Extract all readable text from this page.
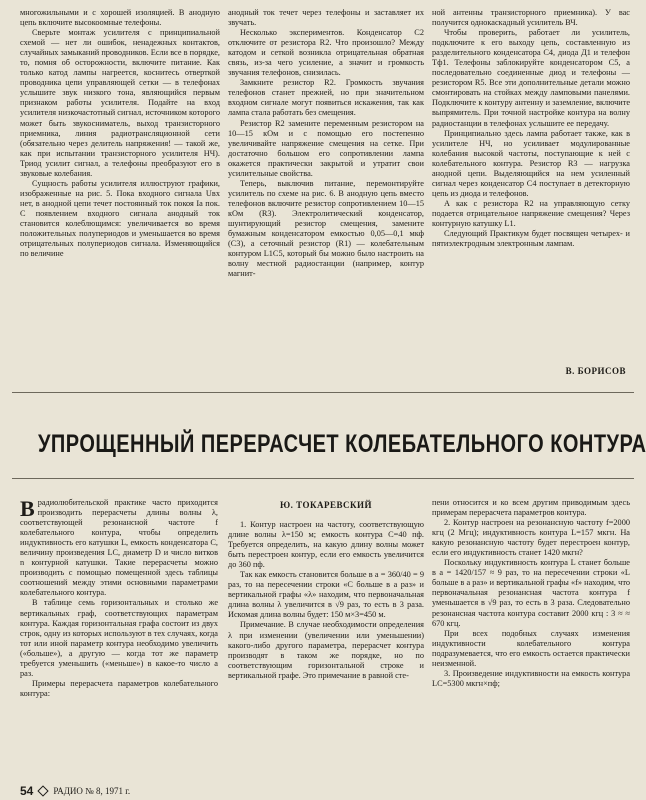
многожильными и с хорошей изоляцией. В анодную цепь включите высокоомные телефоны.

Сверьте монтаж усилителя с принципиальной схемой — нет ли ошибок, ненадежных контактов, случайных замыканий проводников. Если все в порядке, то, помня об осторожности, включите питание. Как только катод лампы нагреется, коснитесь отверткой проводника цепи управляющей сетки — в телефонах услышите звук низкого тона, являющийся первым признаком работы усилителя. Подайте на вход усилителя низкочастотный сигнал, источником которого может быть звукосниматель, выход транзисторного приемника, линия радиотрансляционной сети (обязательно через делитель напряжения! — такой же, как при испытании транзисторного усилителя НЧ). Триод усилит сигнал, а телефоны преобразуют его в звуковые колебания.

Сущность работы усилителя иллюструют графики, изображенные на рис. 5. Пока входного сигнала Uвх нет, в анодной цепи течет постоянный ток покоя Ia пок. С появлением входного сигнала анодный ток становится колеблющимся: увеличивается во время положительных полупериодов и уменьшается во время отрицательных полупериодов сигнала. Изменяющийся по величине

анодный ток течет через телефоны и заставляет их звучать.

Несколько экспериментов. Конденсатор C2 отключите от резистора R2. Что произошло? Между катодом и сеткой возникла отрицательная обратная связь, из-за чего усиление, а значит и громкость звучания телефонов, снизилась.

Замкните резистор R2. Громкость звучания телефонов станет прежней, но при значительном входном сигнале могут появиться искажения, так как лампа стала работать без смещения.

Резистор R2 замените переменным резистором на 10—15 кОм и с помощью его постепенно увеличивайте напряжение смещения на сетке. При достаточно большом его сопротивлении лампа окажется практически закрытой и утратит свои усилительные свойства.

Теперь, выключив питание, перемонтируйте усилитель по схеме на рис. 6. В анодную цепь вместо телефонов включите резистор сопротивлением 10—15 кОм (R3). Электролитический конденсатор, шунтирующий резистор смещения, замените бумажным конденсатором емкостью 0,05—0,1 мкф (C3), а сеточный резистор (R1) — колебательным контуром L1C5, который бы можно было настроить на волну местной радиостанции (например, контур магнит-

ной антенны транзисторного приемника). У вас получится однокаскадный усилитель ВЧ.

Чтобы проверить, работает ли усилитель, подключите к его выходу цепь, составленную из разделительного конденсатора C4, диода Д1 и телефон Тф1. Телефоны заблокируйте конденсатором C5, а последовательно соединенные диод и телефоны — резистором R5. Все эти дополнительные детали можно смонтировать на стойках между ламповыми панелями. Подключите к контуру антенну и заземление, включите выпрямитель. При точной настройке контура на волну радиостанции в телефонах услышите ее передачу.

Принципиально здесь лампа работает также, как в усилителе НЧ, но усиливает модулированные колебания высокой частоты, поступающие к ней с колебательного контура. Резистор R3 — нагрузка анодной цепи. Выделяющийся на нем усиленный сигнал через конденсатор C4 поступает в детекторную цепь из диода и телефонов.

А как с резистора R2 на управляющую сетку подается отрицательное напряжение смещения? Через контурную катушку L1.

Следующий Практикум будет посвящен четырех- и пятиэлектродным электронным лампам.

В. БОРИСОВ
УПРОЩЕННЫЙ ПЕРЕРАСЧЕТ КОЛЕБАТЕЛЬНОГО КОНТУРА

Врадиолюбительской практике часто приходится производить перерасчеты длины волны λ, соответствующей резонансной частоте f колебательного контура, чтобы определить индуктивность его катушки L, емкость конденсатора C, величину произведения LC, диаметр D и число витков n контурной катушки. Такие перерасчеты можно производить с помощью помещенной здесь таблицы соотношений между этими основными параметрами колебательного контура.

В таблице семь горизонтальных и столько же вертикальных граф, соответствующих параметрам контура. Каждая горизонтальная графа состоит из двух строк, одну из которых используют в тех случаях, когда тот или иной параметр контура необходимо увеличить («больше»), а другую — когда тот же параметр требуется уменьшить («меньше») в какое-то число a раз.

Примеры перерасчета параметров колебательного контура:

Ю. ТОКАРЕВСКИЙ

1. Контур настроен на частоту, соответствующую длине волны λ=150 м; емкость контура C=40 пф. Требуется определить, на какую длину волны может быть перестроен контур, если его емкость увеличится до 360 пф.

Так как емкость становится больше в a = 360/40 = 9 раз, то на пересечении строки «C больше в a раз» и вертикальной графы «λ» находим, что первоначальная длина волны λ увеличится в √9 раз, то есть в 3 раза. Искомая длина волны будет: 150 м×3=450 м.

Примечание. В случае необходимости определения λ при изменении (увеличении или уменьшении) какого-либо другого параметра, перерасчет контура производят в таком же порядке, но по соответствующим горизонтальной строке и вертикальной графе. Это примечание в равной сте-

пени относится и ко всем другим приводимым здесь примерам перерасчета параметров контура.

2. Контур настроен на резонансную частоту f=2000 кгц (2 Мгц); индуктивность контура L=157 мкгн. На какую резонансную частоту будет перестроен контур, если его индуктивность станет 1420 мкгн?

Поскольку индуктивность контура L станет больше в a = 1420/157 ≈ 9 раз, то на пересечении строки «L больше в a раз» и вертикальной графы «f» находим, что первоначальная резонансная частота контура f уменьшается в √9 раз, то есть в 3 раза. Следовательно резонансная частота контура составит 2000 кгц : 3 ≈ ≈ 670 кгц.

При всех подобных случаях изменения индуктивности колебательного контура подразумевается, что его емкость остается практически неизменной.

3. Произведение индуктивности на емкость контура LC=5300 мкгн×пф;

54 РАДИО № 8, 1971 г.
